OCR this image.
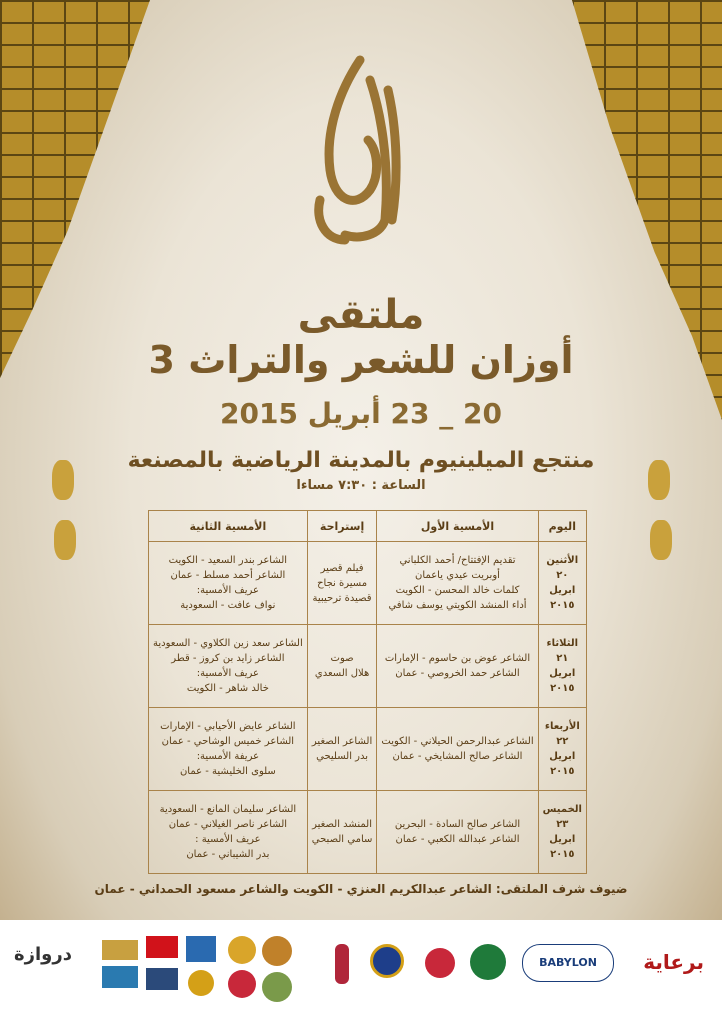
ملتقى
أوزان للشعر والتراث 3
20 _ 23 أبريل 2015
منتجع الميلينيوم بالمدينة الرياضية بالمصنعة
الساعة : ٧:٣٠ مساءا
اليوم	الأمسية الأول	إستراحة	الأمسية الثانية

الأثنين
٢٠
ابريل
٢٠١٥	تقديم الإفتتاح/ أحمد الكلباني
أوبريت عيدي ياعمان
كلمات خالد المحسن - الكويت
أداء المنشد الكويتي يوسف شافي	فيلم قصير
مسيرة نجاح
قصيدة ترحيبية	الشاعر بندر السعيد - الكويت
الشاعر أحمد مسلط - عمان
عريف الأمسية:
نواف عافت - السعودية

الثلاثاء
٢١
ابريل
٢٠١٥	الشاعر عوض بن حاسوم - الإمارات
الشاعر حمد الخروصي - عمان	صوت
هلال السعدي	الشاعر سعد زين الكلاوي - السعودية
الشاعر زايد بن كروز - قطر
عريف الأمسية:
خالد شاهر - الكويت

الأربعاء
٢٢
ابريل
٢٠١٥	الشاعر عبدالرحمن الحيلاني - الكويت
الشاعر صالح المشايخي - عمان	الشاعر الصغير
بدر السليحي	الشاعر عايض الأحيابي - الإمارات
الشاعر خميس الوشاحي - عمان
عريفة الأمسية:
سلوى الخليشية - عمان

الخميس
٢٣
ابريل
٢٠١٥	الشاعر صالح السادة - البحرين
الشاعر عبدالله الكعبي - عمان	المنشد الصغير
سامي الصبحي	الشاعر سليمان المانع - السعودية
الشاعر ناصر الغيلاني - عمان
عريف الأمسية :
بدر الشيباني - عمان
ضيوف شرف الملتقى: الشاعر عبدالكريم العنزي - الكويت والشاعر مسعود الحمداني - عمان
برعاية
BABYLON
دروازة
